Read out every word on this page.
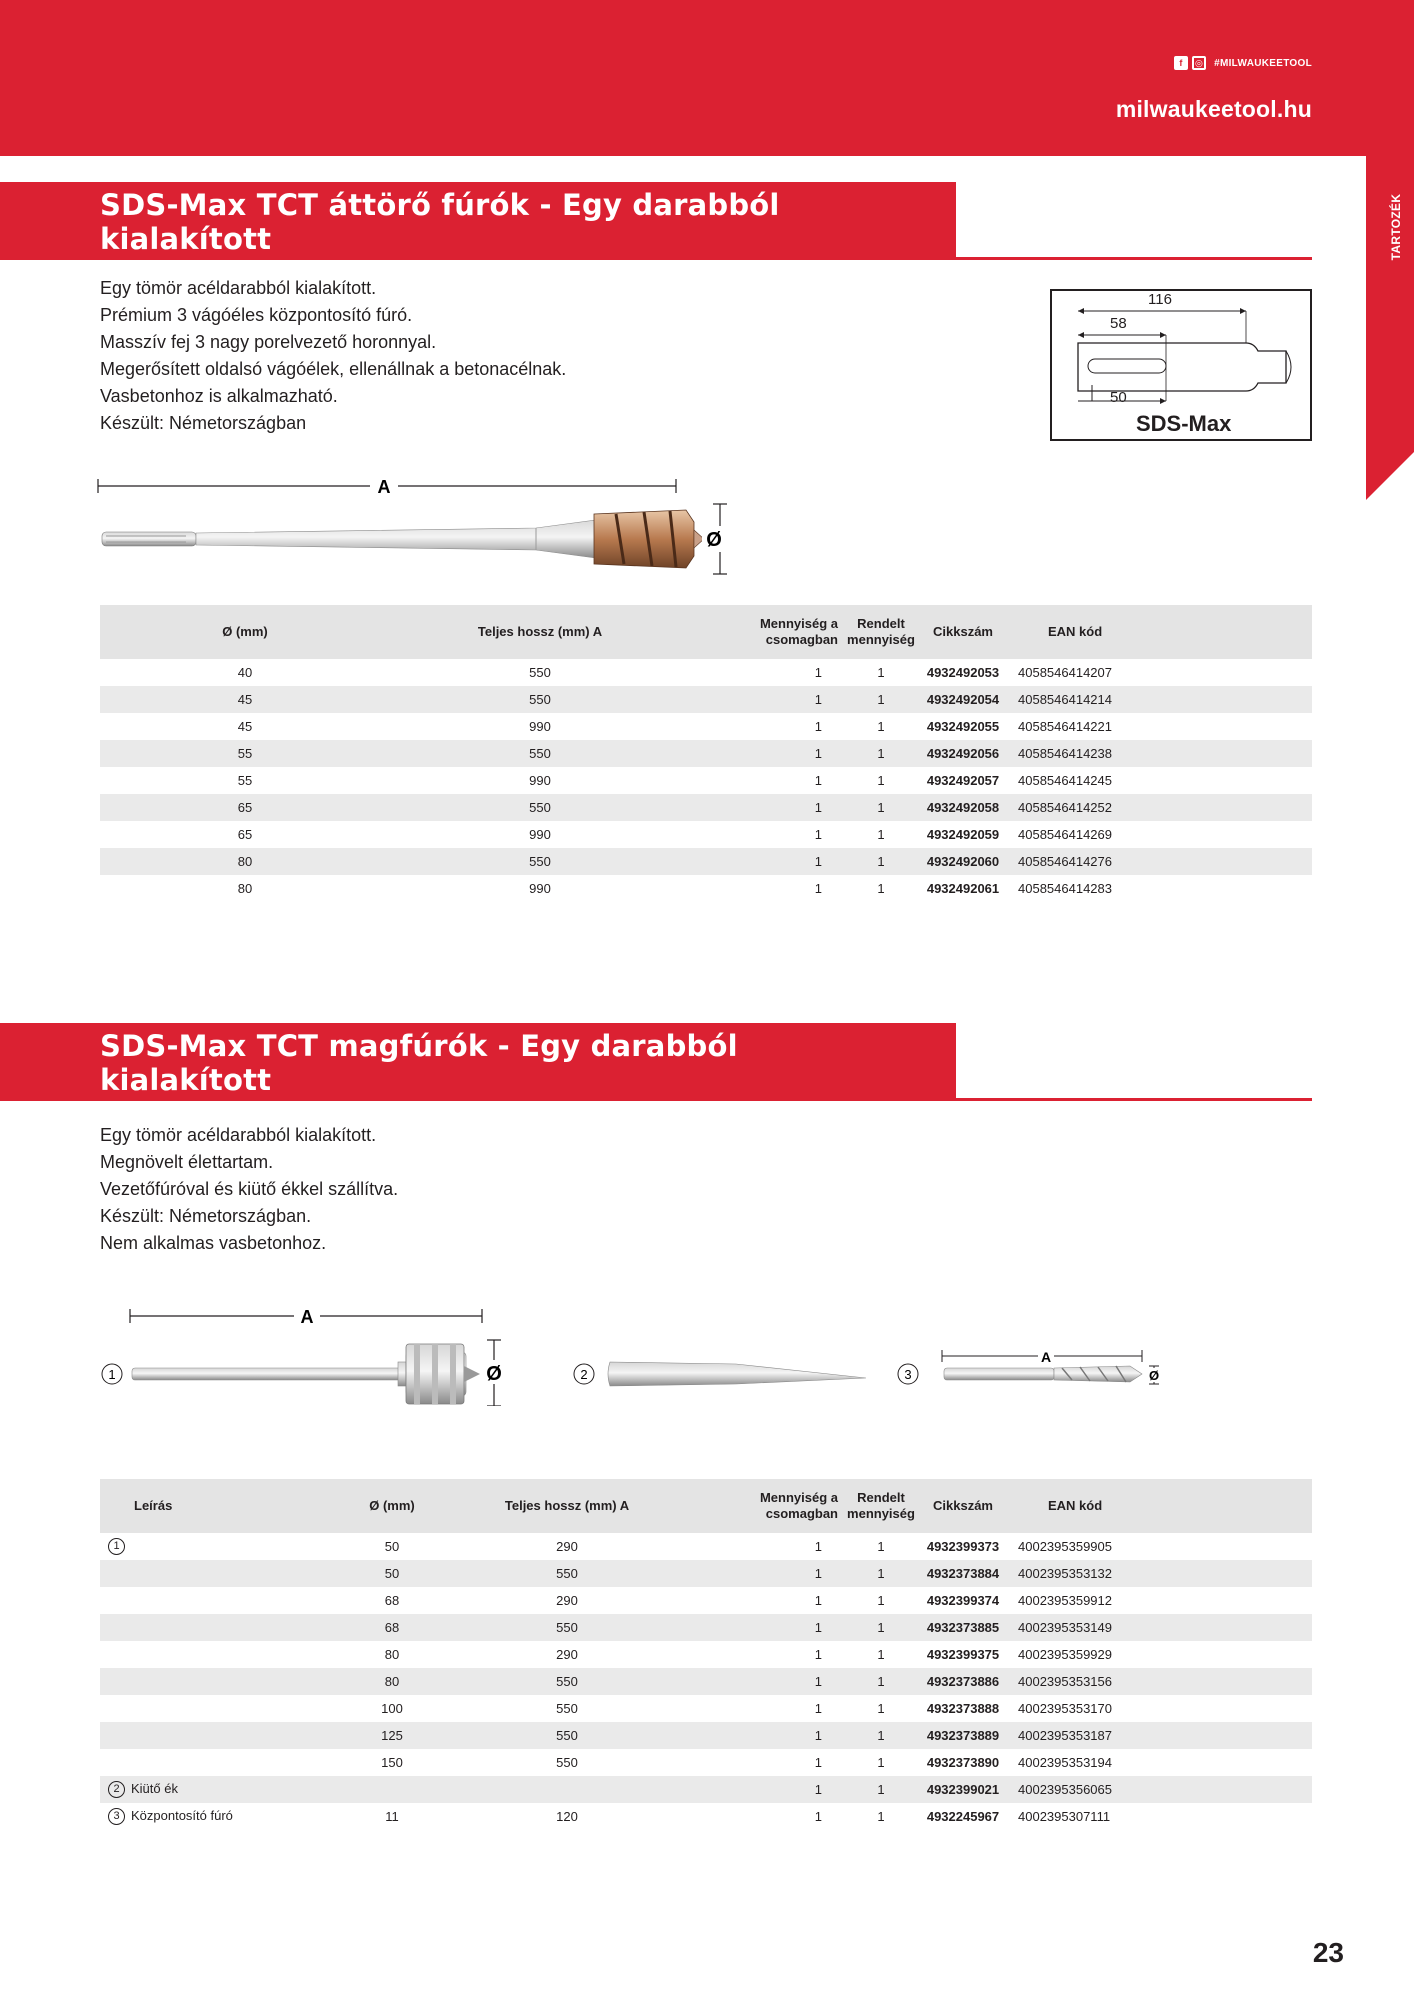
f	◎ #MILWAUKEETOOL
milwaukeetool.hu
TARTOZÉK
SDS-Max TCT áttörő fúrók - Egy darabból
kialakított
Egy tömör acéldarabból kialakított.
Prémium 3 vágóéles központosító fúró.
Masszív fej 3 nagy porelvezető horonnyal.
Megerősített oldalsó vágóélek, ellenállnak a betonacélnak.
Vasbetonhoz is alkalmazható.
Készült: Németországban
116
58
50
SDS-Max
A
Ø
Ø (mm)	Teljes hossz (mm) A	Mennyiség a
csomagban	Rendelt
mennyiség	Cikkszám	EAN kód
40	550	1	1	4932492053	4058546414207
45	550	1	1	4932492054	4058546414214
45	990	1	1	4932492055	4058546414221
55	550	1	1	4932492056	4058546414238
55	990	1	1	4932492057	4058546414245
65	550	1	1	4932492058	4058546414252
65	990	1	1	4932492059	4058546414269
80	550	1	1	4932492060	4058546414276
80	990	1	1	4932492061	4058546414283
SDS-Max TCT magfúrók - Egy darabból
kialakított
Egy tömör acéldarabból kialakított.
Megnövelt élettartam.
Vezetőfúróval és kiütő ékkel szállítva.
Készült: Németországban.
Nem alkalmas vasbetonhoz.
1
A
Ø	2	3
A
Ø
Leírás	Ø (mm)	Teljes hossz (mm) A	Mennyiség a
csomagban	Rendelt
mennyiség	Cikkszám	EAN kód
1	50	290	1	1	4932399373	4002395359905
	50	550	1	1	4932373884	4002395353132
	68	290	1	1	4932399374	4002395359912
	68	550	1	1	4932373885	4002395353149
	80	290	1	1	4932399375	4002395359929
	80	550	1	1	4932373886	4002395353156
	100	550	1	1	4932373888	4002395353170
	125	550	1	1	4932373889	4002395353187
	150	550	1	1	4932373890	4002395353194
2 Kiütő ék			1	1	4932399021	4002395356065
3 Központosító fúró	11	120	1	1	4932245967	4002395307111
23
